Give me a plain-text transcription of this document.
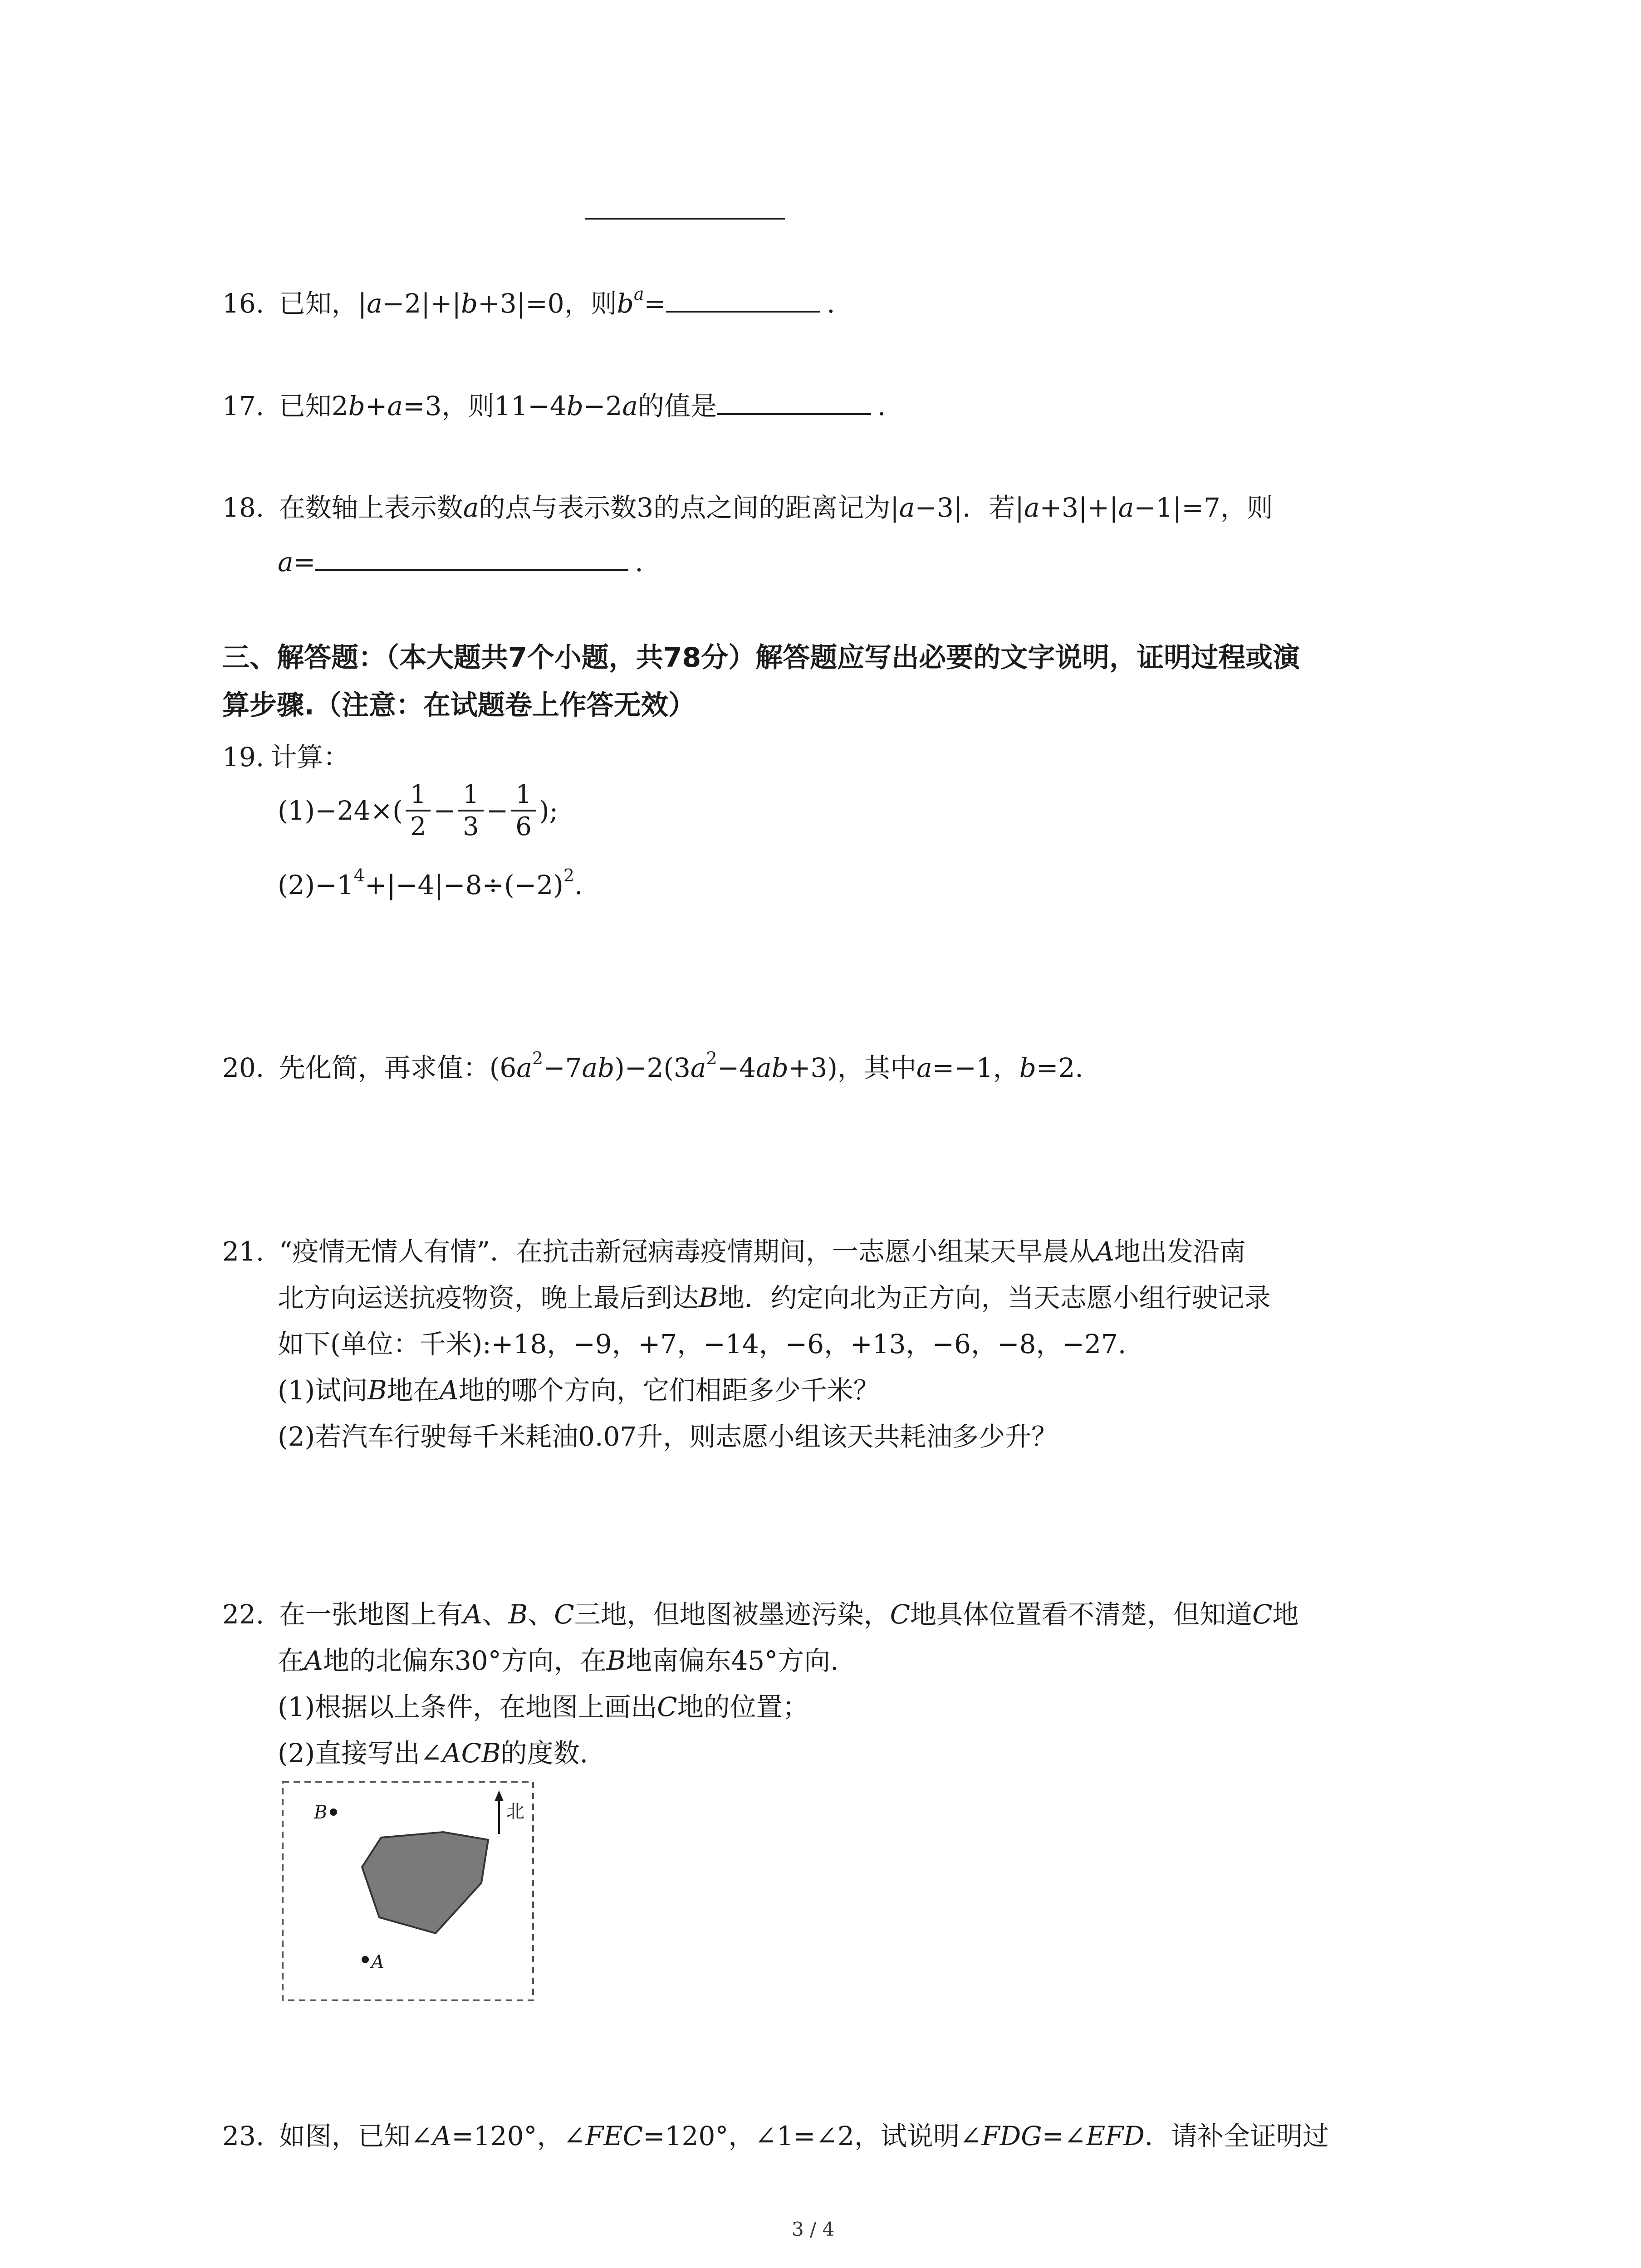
16. 已知，|a−2|+|b+3|=0，则$b^a=$	.
17. 已知2b+a=3，则11−4b−2a的值是	.
18. 在数轴上表示数a的点与表示数3的点之间的距离记为|a−3|．若|a+3|+|a−1|=7，则
a=	.
三、解答题：（本大题共7个小题，共78分）解答题应写出必要的文字说明，证明过程或演
算步骤.（注意：在试题卷上作答无效）
19. 计算：
$(1)-24\times( \frac{1}{2} - \frac{1}{3} - \frac{1}{6}$ );
$(2)-1^4+|-4|-8\div(-2)^2$.
20. 先化简，再求值：$(6a^2-7ab)-2(3a^2-4ab+3)$，其中a=−1，b=2.
21. “疫情无情人有情”．在抗击新冠病毒疫情期间，一志愿小组某天早晨从A地出发沿南
北方向运送抗疫物资，晚上最后到达B地．约定向北为正方向，当天志愿小组行驶记录
如下(单位：千米):+18，−9，+7，−14，−6，+13，−6，−8，−27.
(1)试问B地在A地的哪个方向，它们相距多少千米？
(2)若汽车行驶每千米耗油0.07升，则志愿小组该天共耗油多少升？
22. 在一张地图上有A、B、C三地，但地图被墨迹污染，C地具体位置看不清楚，但知道C地
在A地的北偏东30°方向，在B地南偏东45°方向.
(1)根据以上条件，在地图上画出C地的位置；
(2)直接写出∠ACB的度数.
B
A
北
23. 如图，已知∠A=120°，∠FEC=120°，∠1=∠2，试说明∠FDG=∠EFD．请补全证明过
3 / 4
